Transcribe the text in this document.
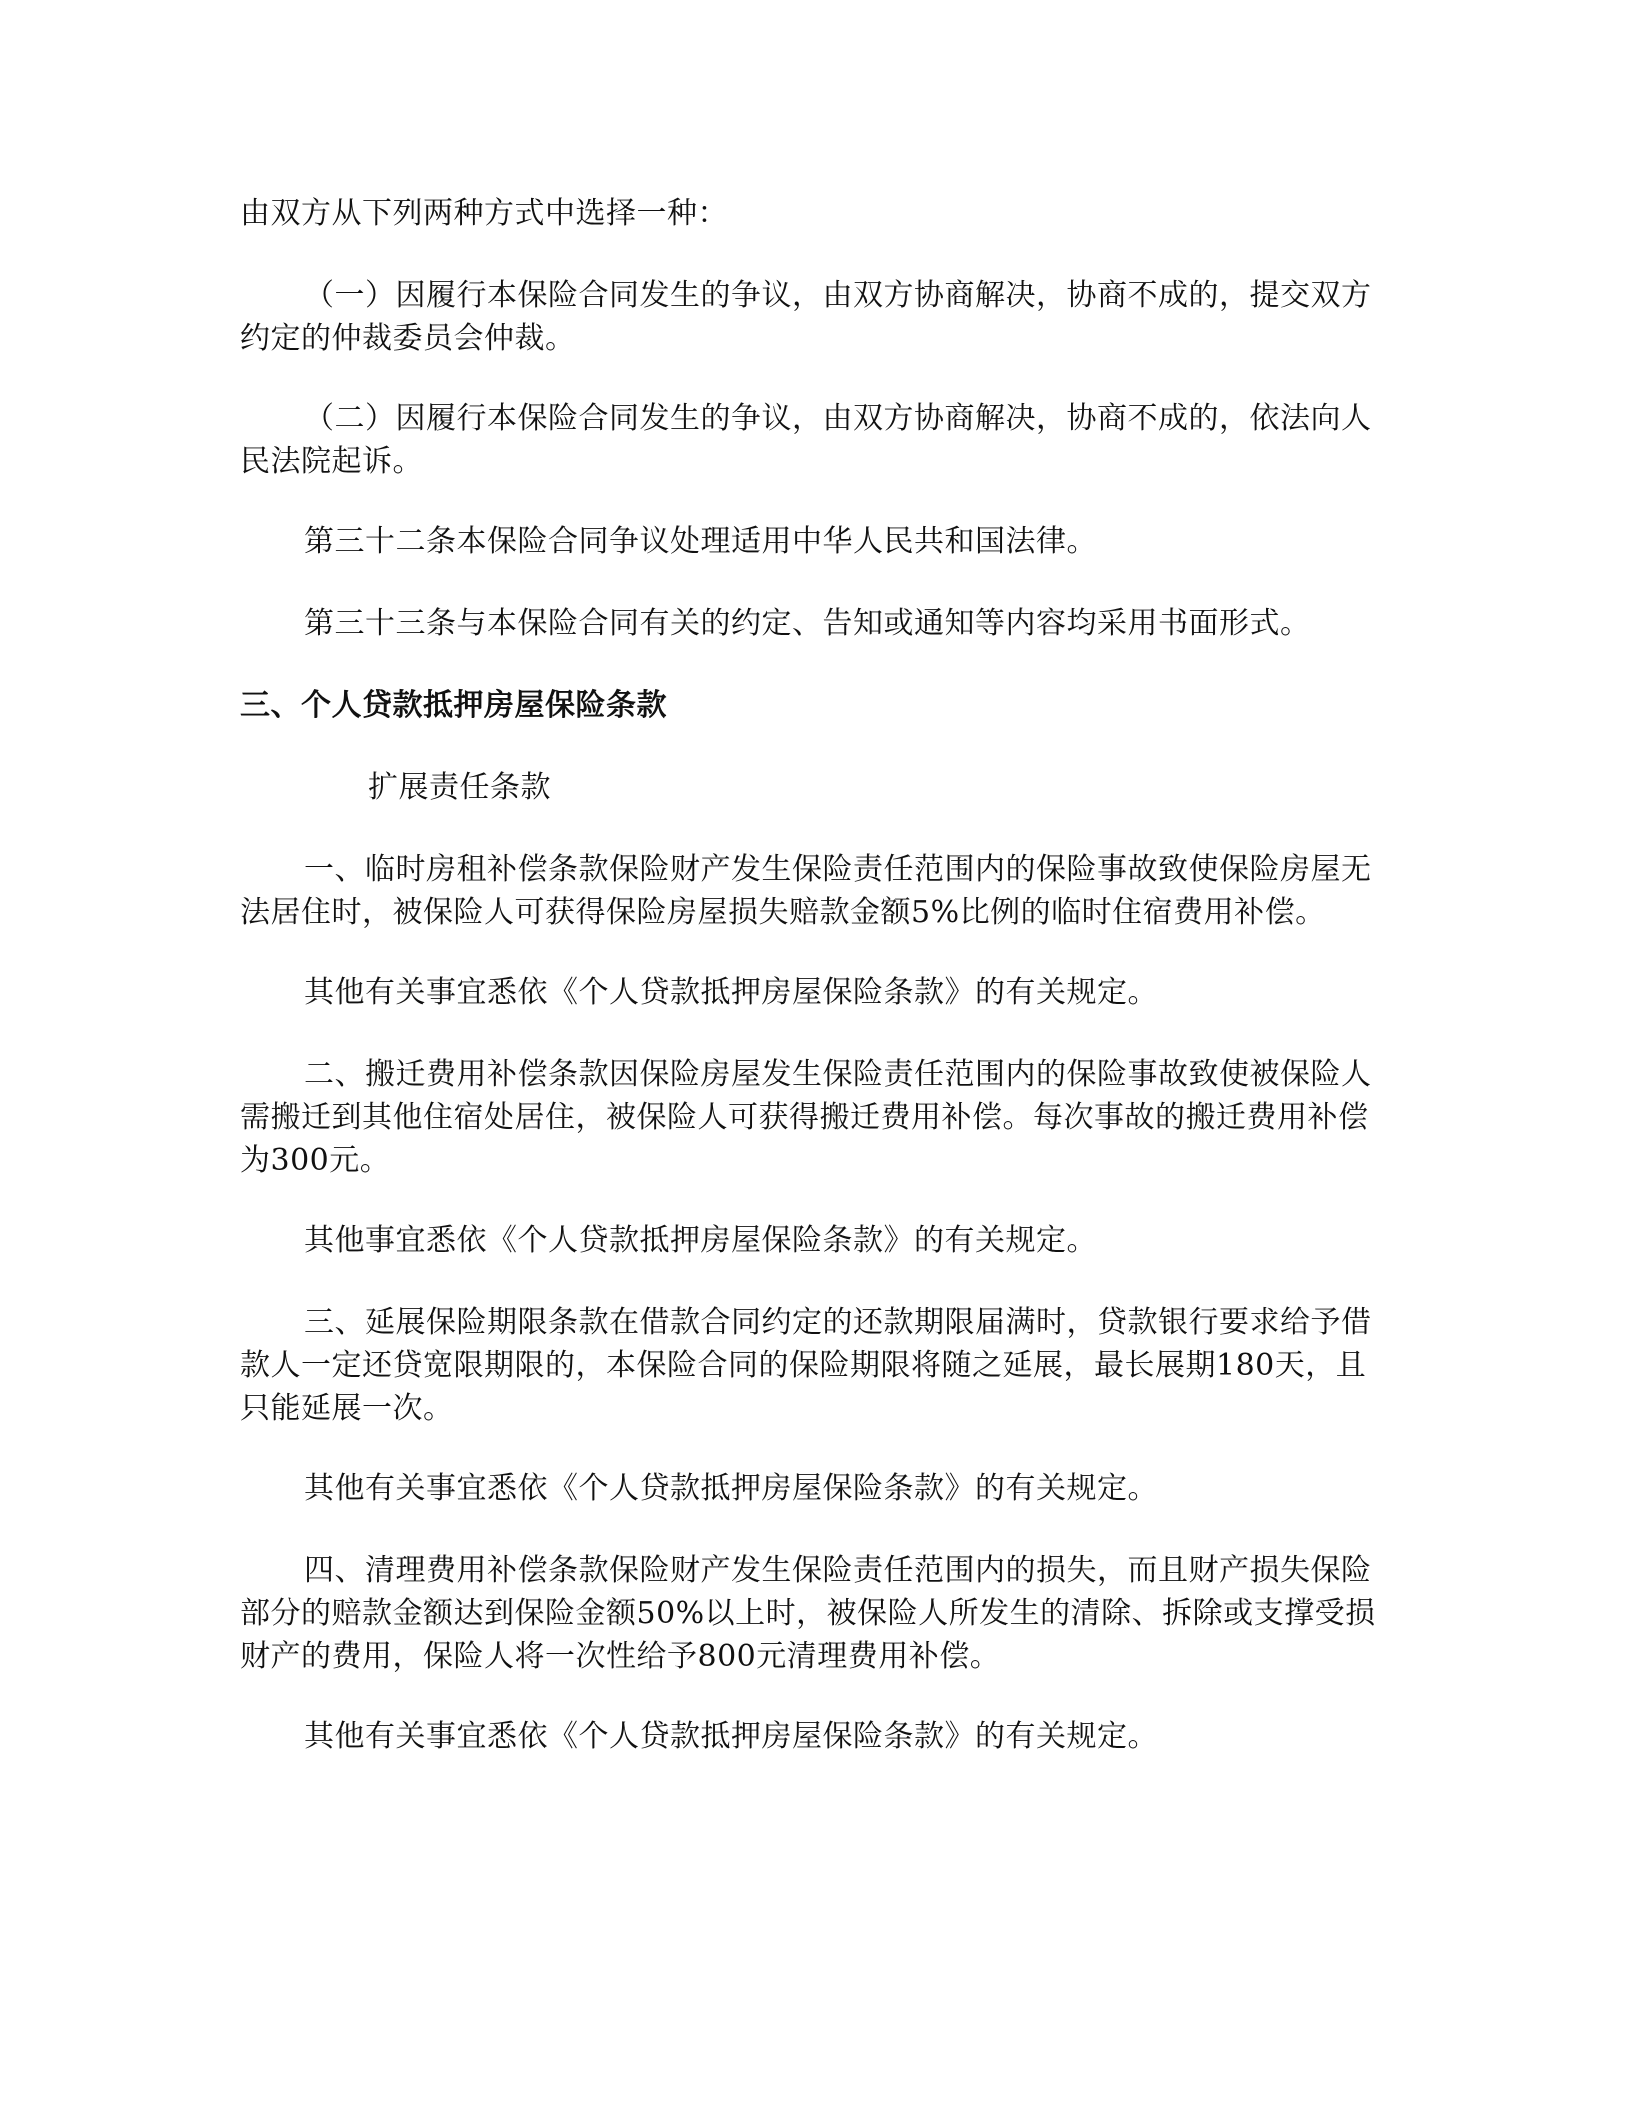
由双方从下列两种方式中选择一种：

（一）因履行本保险合同发生的争议，由双方协商解决，协商不成的，提交双方约定的仲裁委员会仲裁。

（二）因履行本保险合同发生的争议，由双方协商解决，协商不成的，依法向人民法院起诉。

第三十二条本保险合同争议处理适用中华人民共和国法律。

第三十三条与本保险合同有关的约定、告知或通知等内容均采用书面形式。

三、个人贷款抵押房屋保险条款

扩展责任条款

一、临时房租补偿条款保险财产发生保险责任范围内的保险事故致使保险房屋无法居住时，被保险人可获得保险房屋损失赔款金额5%比例的临时住宿费用补偿。

其他有关事宜悉依《个人贷款抵押房屋保险条款》的有关规定。

二、搬迁费用补偿条款因保险房屋发生保险责任范围内的保险事故致使被保险人需搬迁到其他住宿处居住，被保险人可获得搬迁费用补偿。每次事故的搬迁费用补偿为300元。

其他事宜悉依《个人贷款抵押房屋保险条款》的有关规定。

三、延展保险期限条款在借款合同约定的还款期限届满时，贷款银行要求给予借款人一定还贷宽限期限的，本保险合同的保险期限将随之延展，最长展期180天，且只能延展一次。

其他有关事宜悉依《个人贷款抵押房屋保险条款》的有关规定。

四、清理费用补偿条款保险财产发生保险责任范围内的损失，而且财产损失保险部分的赔款金额达到保险金额50%以上时，被保险人所发生的清除、拆除或支撑受损财产的费用，保险人将一次性给予800元清理费用补偿。

其他有关事宜悉依《个人贷款抵押房屋保险条款》的有关规定。
